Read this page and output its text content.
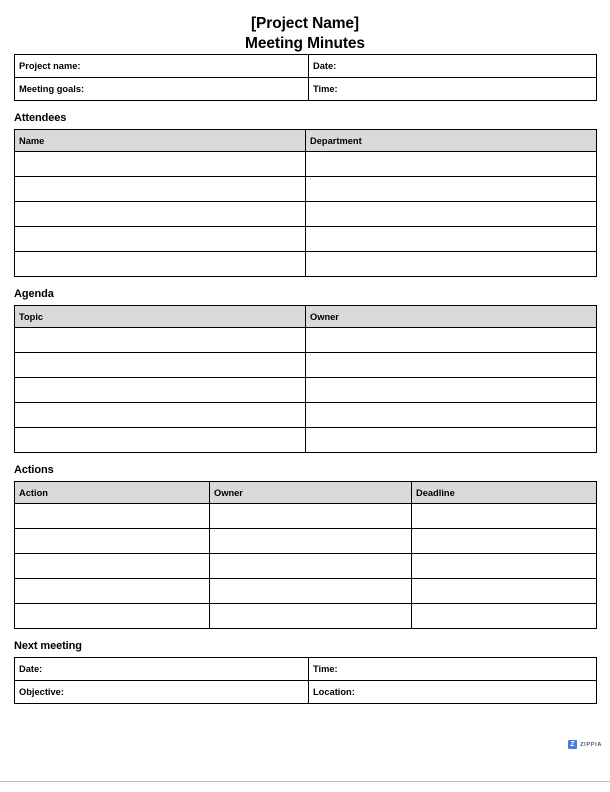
[Project Name]
Meeting Minutes
Project name:	Date:
Meeting goals:	Time:
Attendees
Name	Department

Agenda
Topic	Owner

Actions
Action	Owner	Deadline

Next meeting
Date:	Time:
Objective:	Location:
Z ZIPPIA
